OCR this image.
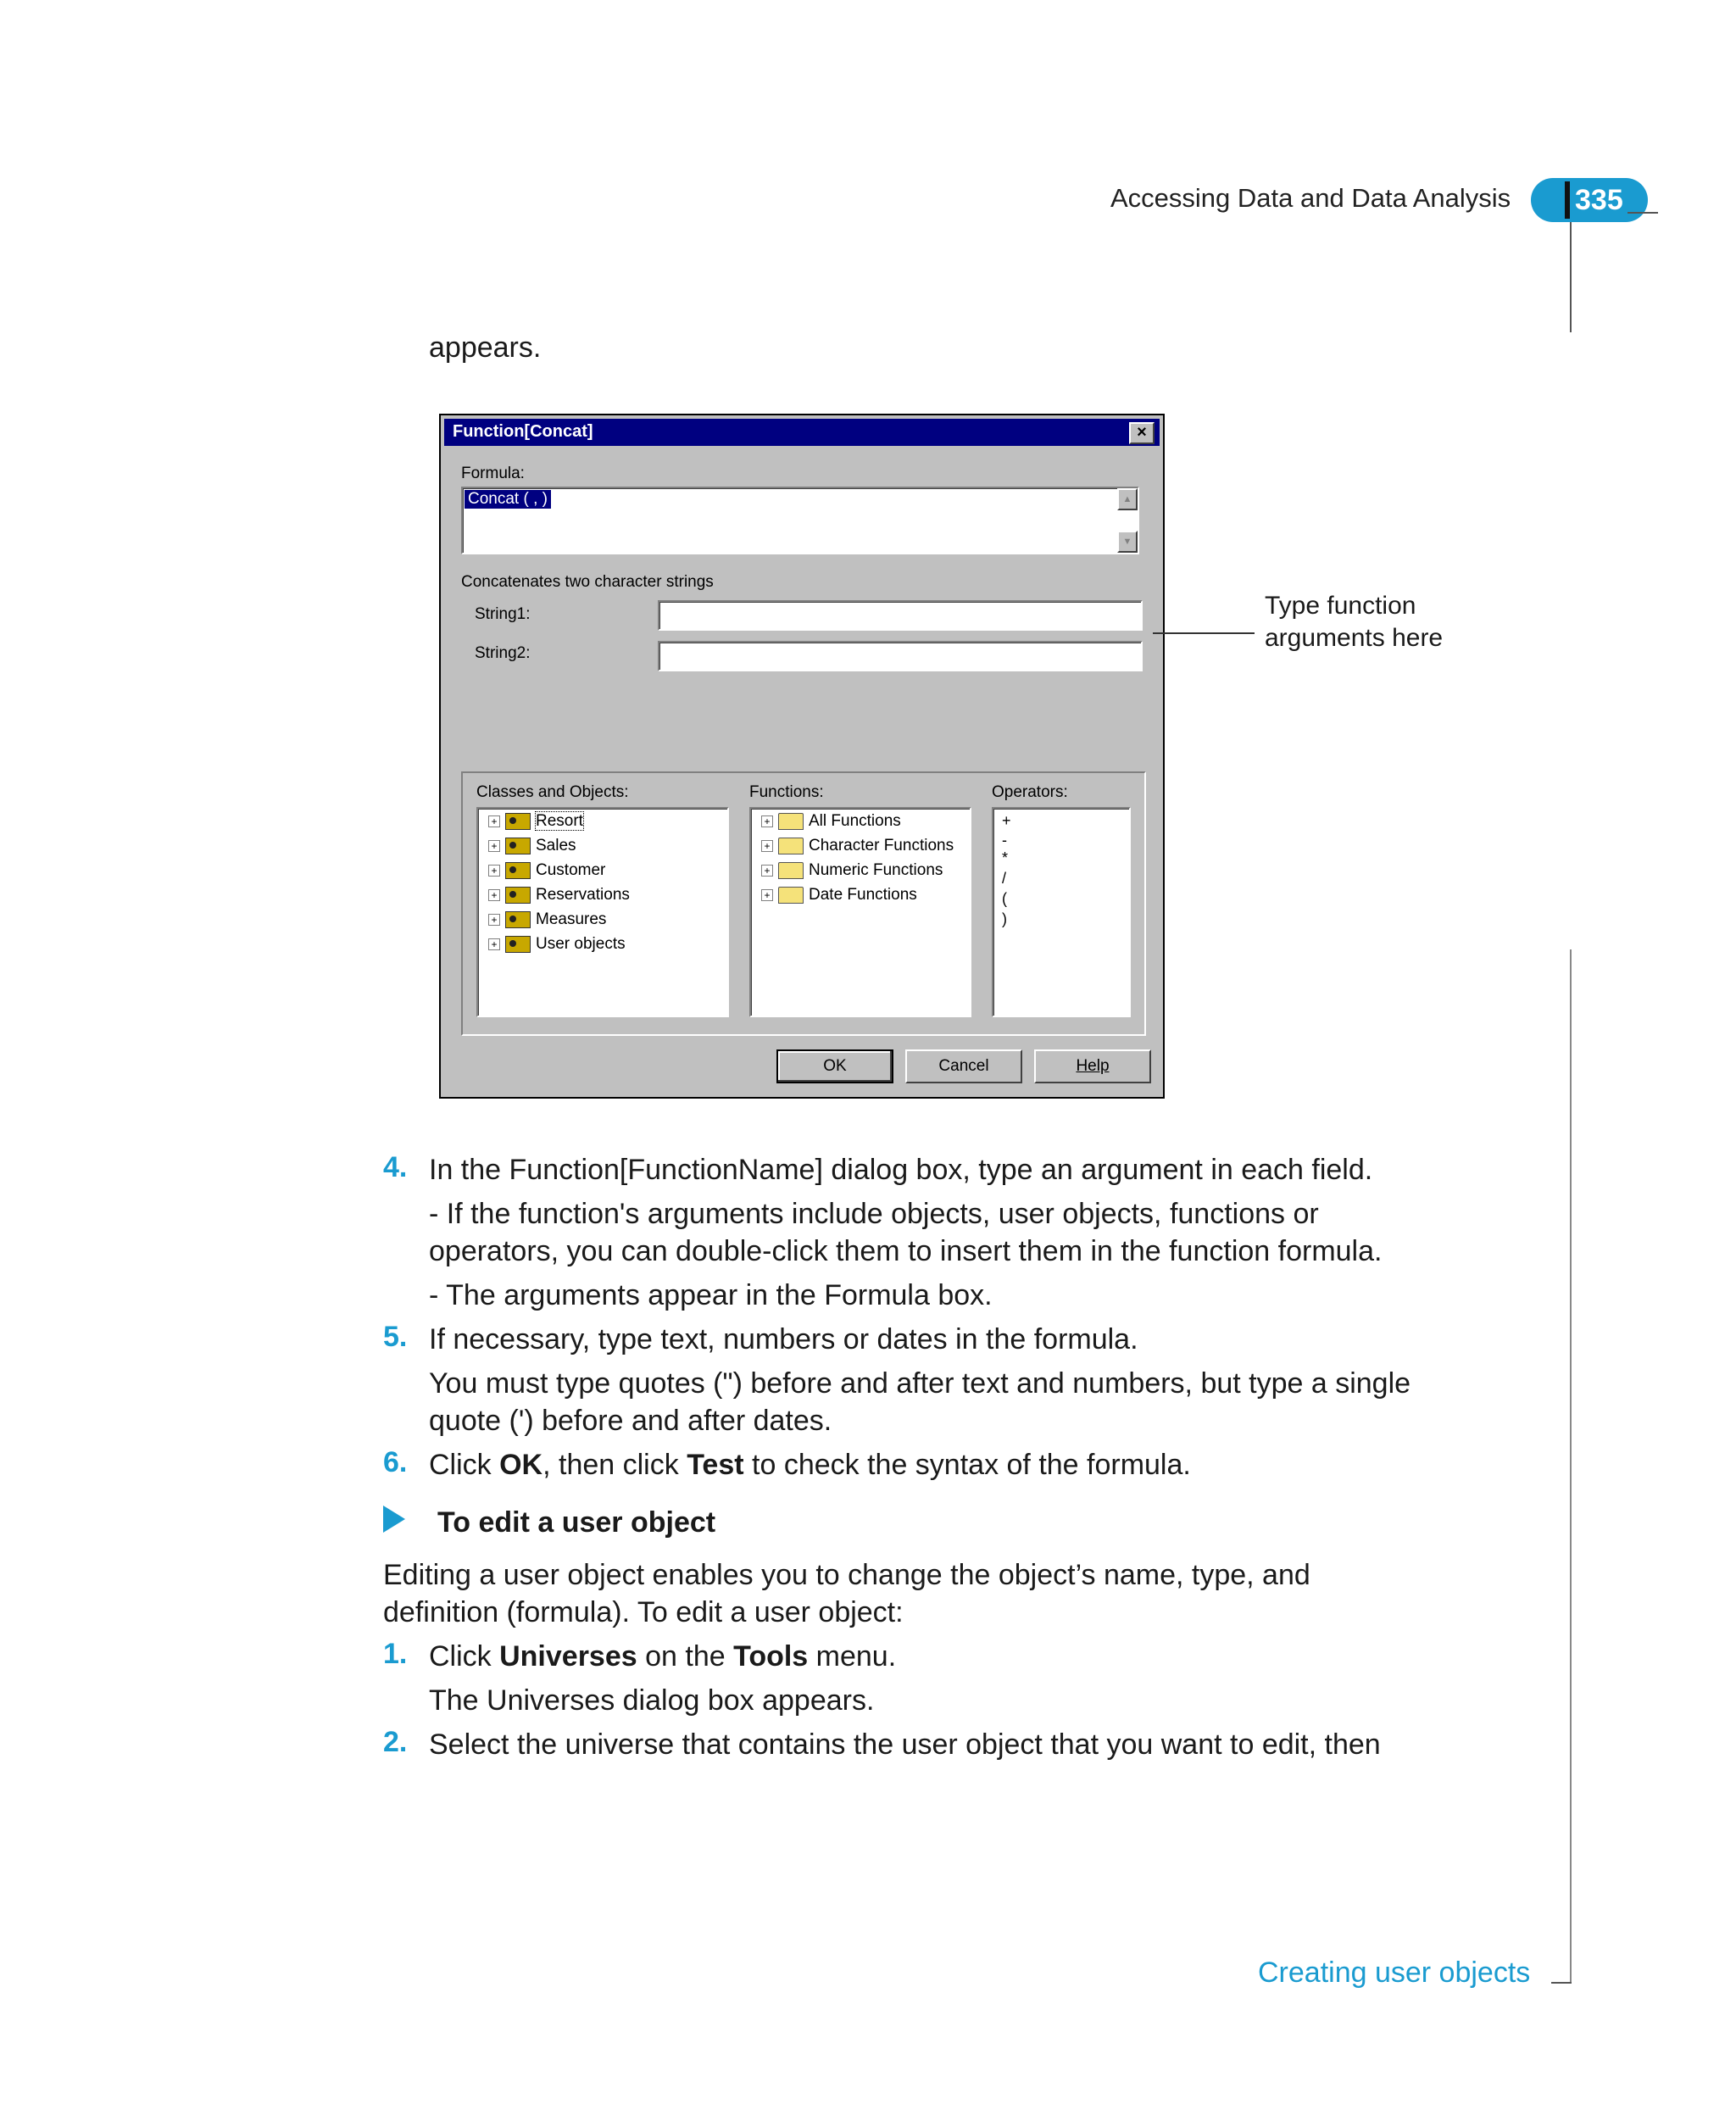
Accessing Data and Data Analysis 335
appears.
Function[Concat]	×
Formula:
Concat ( , )	▲
▼
Concatenates two character strings
String1:
String2:
Classes and Objects:
+ Resort
+ Sales
+ Customer
+ Reservations
+ Measures
+ User objects
Functions:
+ All Functions
+ Character Functions
+ Numeric Functions
+ Date Functions
Operators:
+
-
*
/
(
)
OK	Cancel	Help
Type function
arguments here
4. In the Function[FunctionName] dialog box, type an argument in each field.
- If the function's arguments include objects, user objects, functions or
operators, you can double-click them to insert them in the function formula.
- The arguments appear in the Formula box.
5. If necessary, type text, numbers or dates in the formula.
You must type quotes (") before and after text and numbers, but type a single
quote (') before and after dates.
6. Click OK, then click Test to check the syntax of the formula.
To edit a user object
Editing a user object enables you to change the object’s name, type, and
definition (formula). To edit a user object:
1. Click Universes on the Tools menu.
The Universes dialog box appears.
2. Select the universe that contains the user object that you want to edit, then
Creating user objects
